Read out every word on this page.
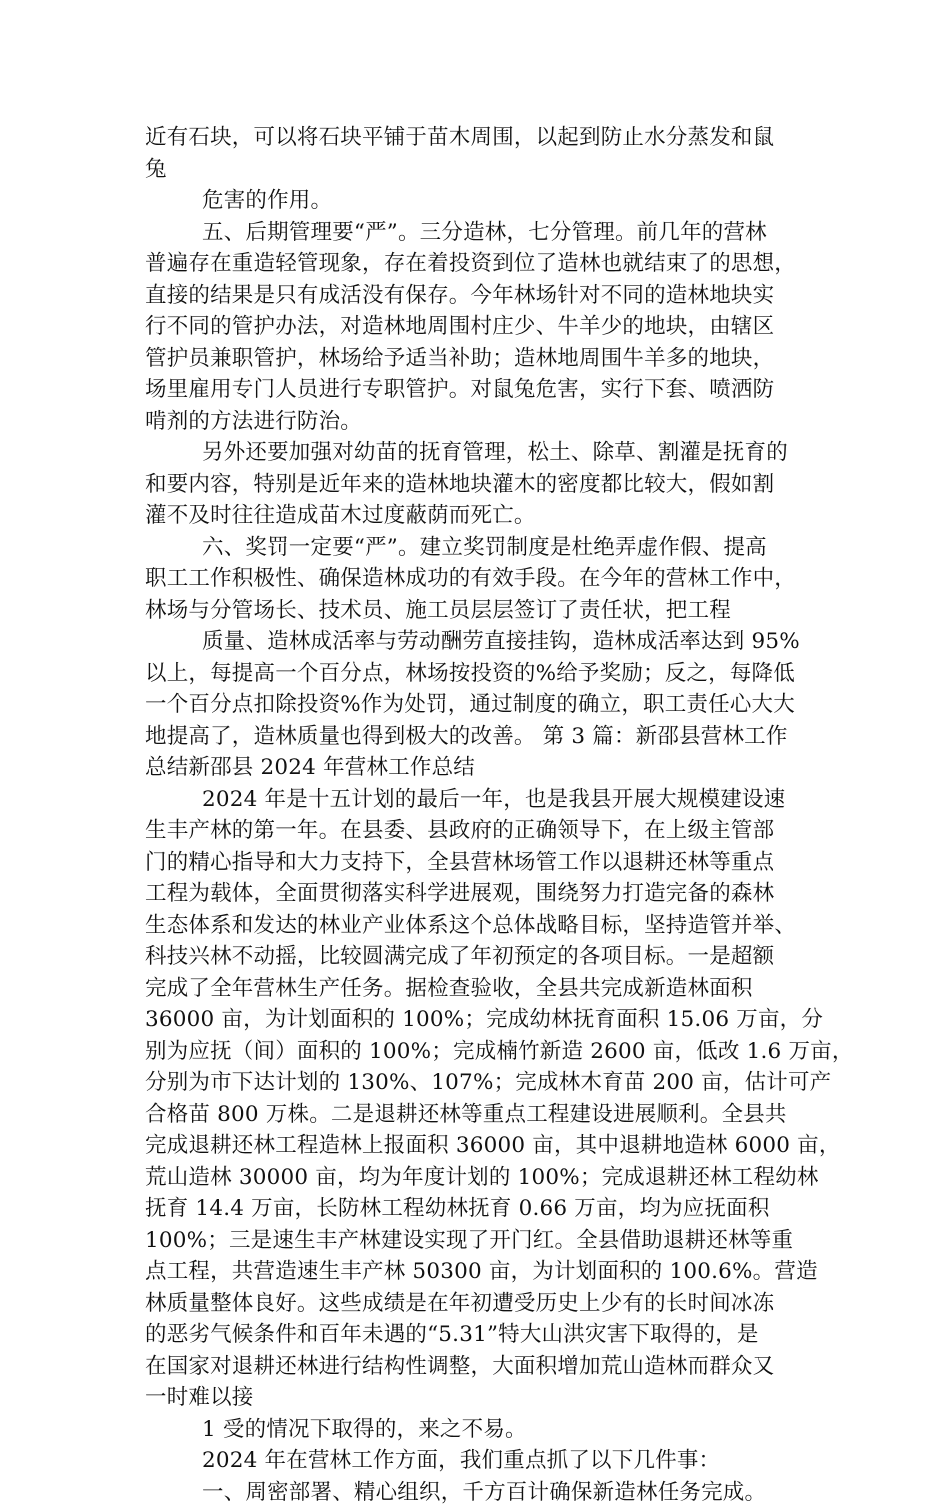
近有石块，可以将石块平铺于苗木周围，以起到防止水分蒸发和鼠
兔
危害的作用。
五、后期管理要“严”。三分造林，七分管理。前几年的营林
普遍存在重造轻管现象，存在着投资到位了造林也就结束了的思想，
直接的结果是只有成活没有保存。今年林场针对不同的造林地块实
行不同的管护办法，对造林地周围村庄少、牛羊少的地块，由辖区
管护员兼职管护，林场给予适当补助；造林地周围牛羊多的地块，
场里雇用专门人员进行专职管护。对鼠兔危害，实行下套、喷洒防
啃剂的方法进行防治。
另外还要加强对幼苗的抚育管理，松土、除草、割灌是抚育的
和要内容，特别是近年来的造林地块灌木的密度都比较大，假如割
灌不及时往往造成苗木过度蔽荫而死亡。
六、奖罚一定要“严”。建立奖罚制度是杜绝弄虚作假、提高
职工工作积极性、确保造林成功的有效手段。在今年的营林工作中，
林场与分管场长、技术员、施工员层层签订了责任状，把工程
质量、造林成活率与劳动酬劳直接挂钩，造林成活率达到 95%
以上，每提高一个百分点，林场按投资的%给予奖励；反之，每降低
一个百分点扣除投资%作为处罚，通过制度的确立，职工责任心大大
地提高了，造林质量也得到极大的改善。 第 3 篇：新邵县营林工作
总结新邵县 2024 年营林工作总结
2024 年是十五计划的最后一年，也是我县开展大规模建设速
生丰产林的第一年。在县委、县政府的正确领导下，在上级主管部
门的精心指导和大力支持下，全县营林场管工作以退耕还林等重点
工程为载体，全面贯彻落实科学进展观，围绕努力打造完备的森林
生态体系和发达的林业产业体系这个总体战略目标，坚持造管并举、
科技兴林不动摇，比较圆满完成了年初预定的各项目标。一是超额
完成了全年营林生产任务。据检查验收，全县共完成新造林面积
36000 亩，为计划面积的 100%；完成幼林抚育面积 15.06 万亩，分
别为应抚（间）面积的 100%；完成楠竹新造 2600 亩，低改 1.6 万亩，
分别为市下达计划的 130%、107%；完成林木育苗 200 亩，估计可产
合格苗 800 万株。二是退耕还林等重点工程建设进展顺利。全县共
完成退耕还林工程造林上报面积 36000 亩，其中退耕地造林 6000 亩，
荒山造林 30000 亩，均为年度计划的 100%；完成退耕还林工程幼林
抚育 14.4 万亩，长防林工程幼林抚育 0.66 万亩，均为应抚面积
100%；三是速生丰产林建设实现了开门红。全县借助退耕还林等重
点工程，共营造速生丰产林 50300 亩，为计划面积的 100.6%。营造
林质量整体良好。这些成绩是在年初遭受历史上少有的长时间冰冻
的恶劣气候条件和百年未遇的“5.31”特大山洪灾害下取得的，是
在国家对退耕还林进行结构性调整，大面积增加荒山造林而群众又
一时难以接
1 受的情况下取得的，来之不易。
2024 年在营林工作方面，我们重点抓了以下几件事：
一、周密部署、精心组织，千方百计确保新造林任务完成。
